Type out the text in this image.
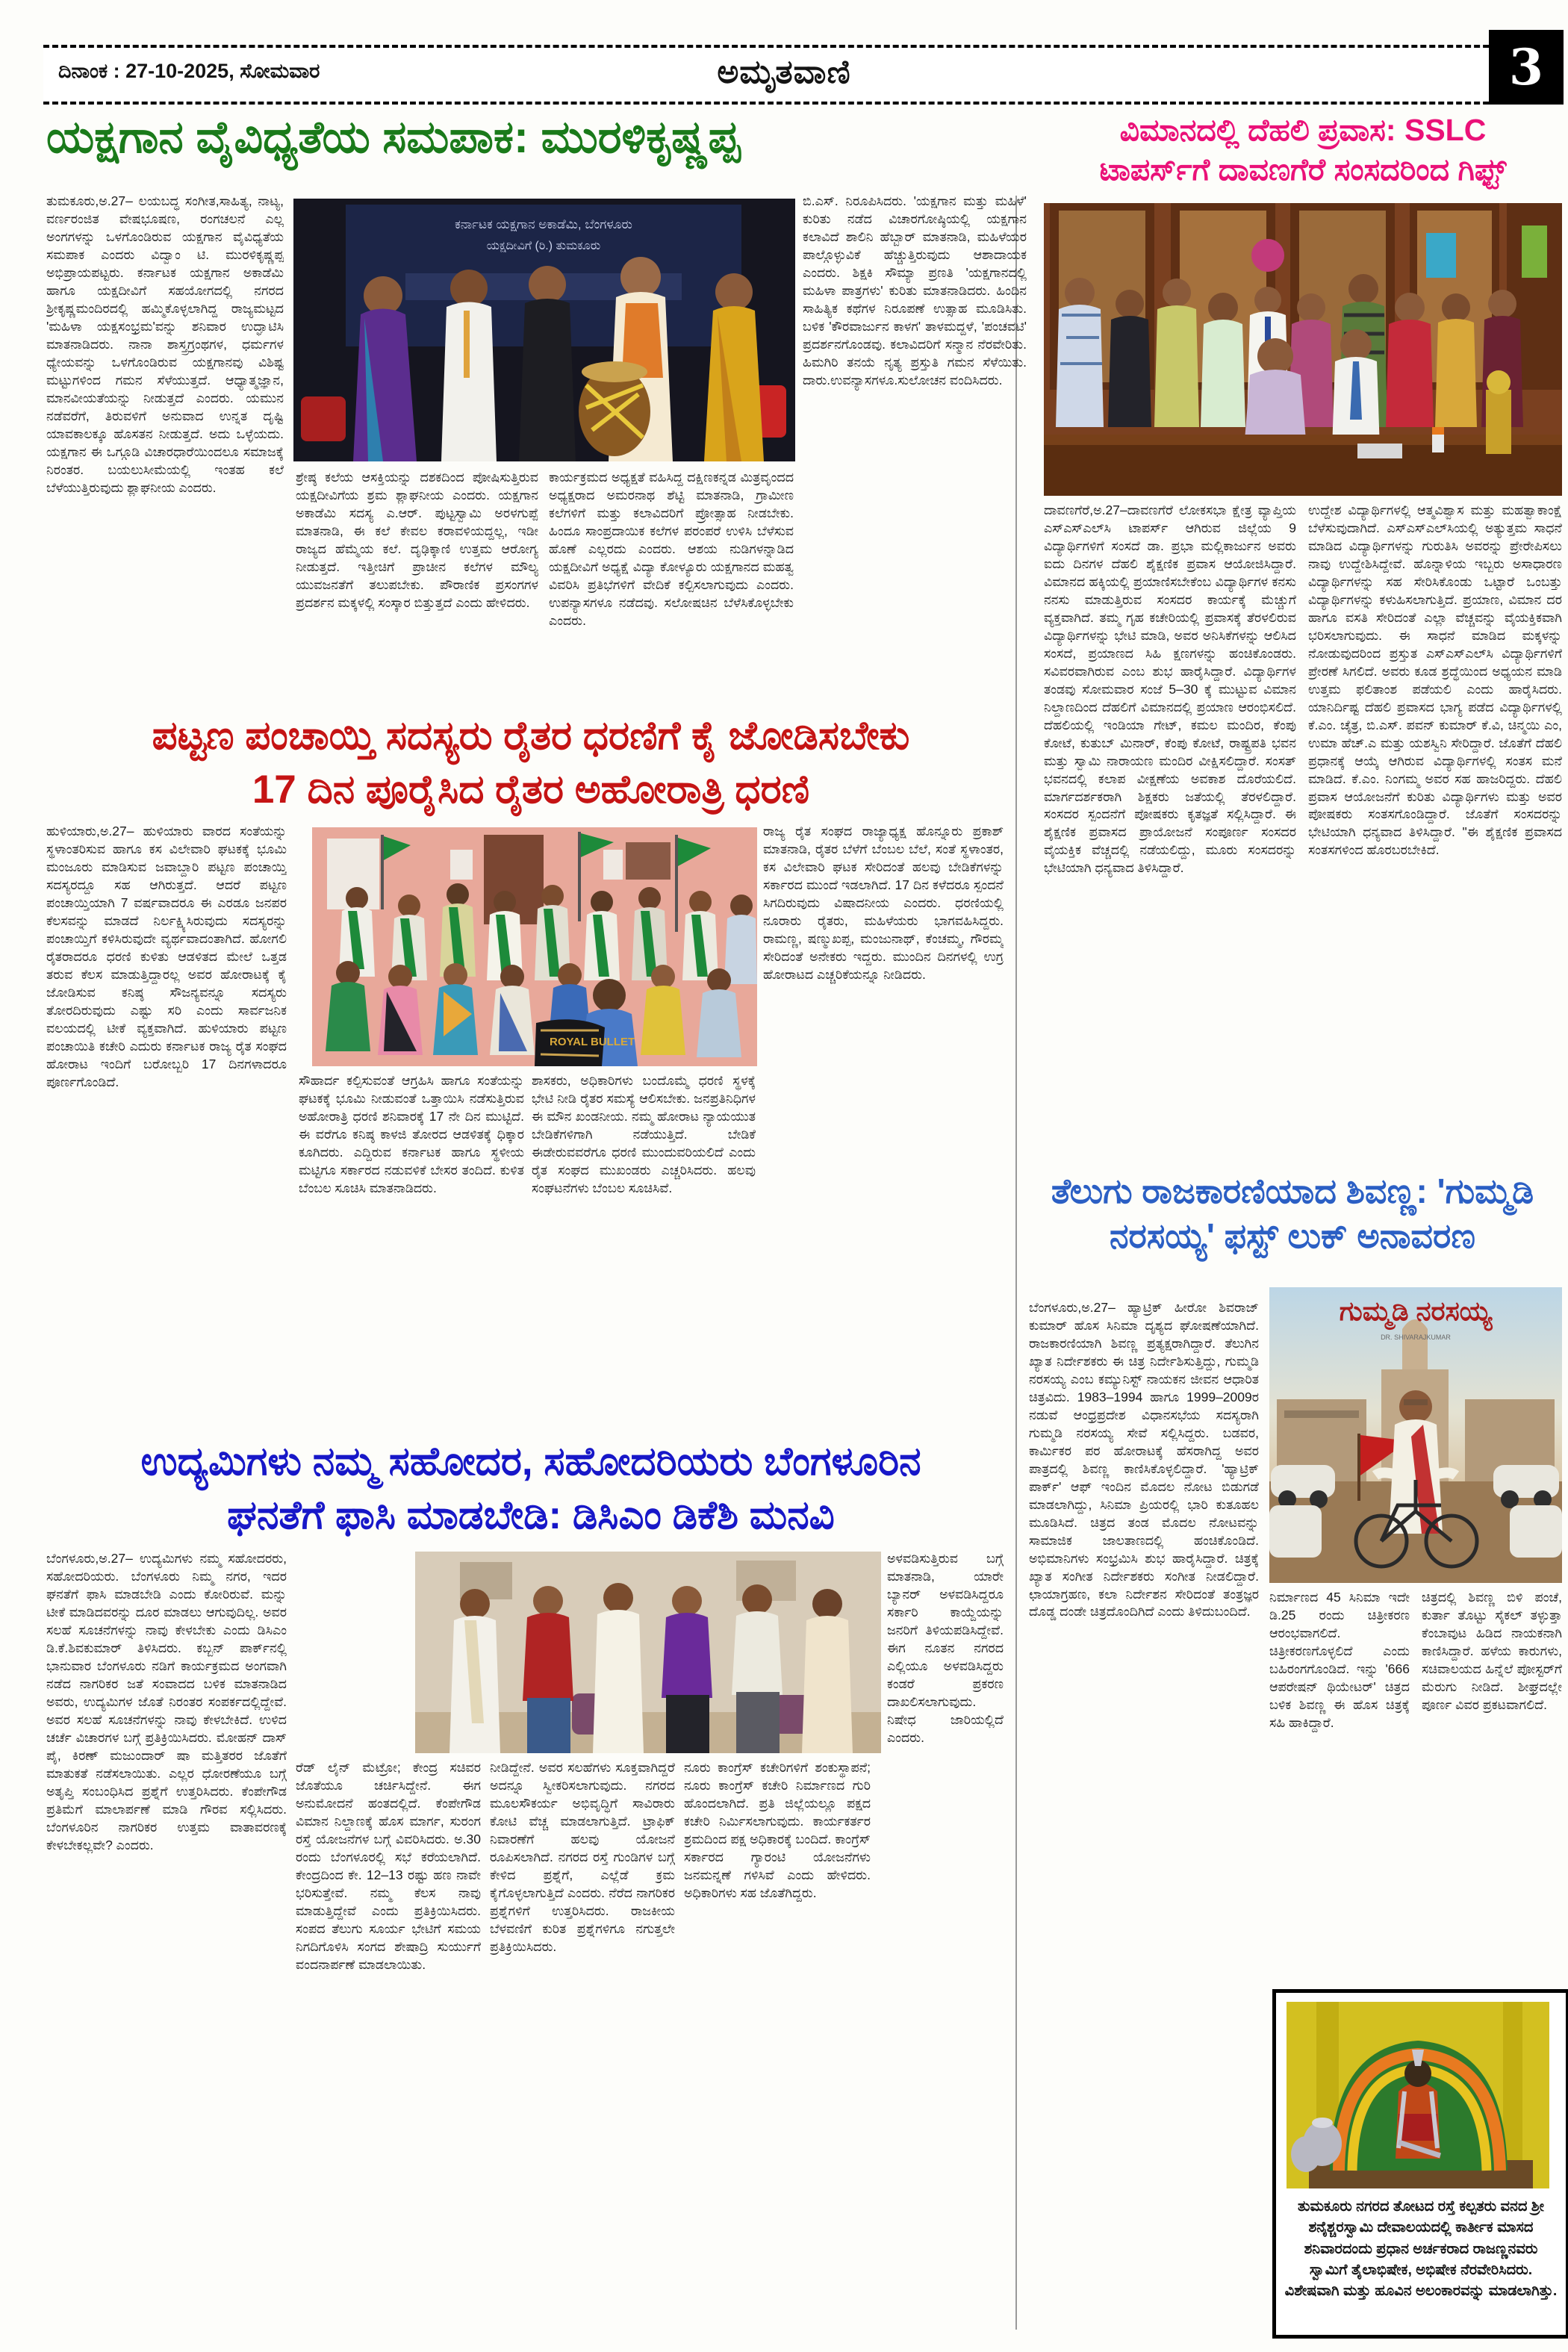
ದಿನಾಂಕ : 27-10-2025, ಸೋಮವಾರ	ಅಮೃತವಾಣಿ	3
ಯಕ್ಷಗಾನ ವೈವಿಧ್ಯತೆಯ ಸಮಪಾಕ: ಮುರಳಿಕೃಷ್ಣಪ್ಪ	ವಿಮಾನದಲ್ಲಿ ದೆಹಲಿ ಪ್ರವಾಸ: SSLC
ಟಾಪರ್ಸ್‌ಗೆ ದಾವಣಗೆರೆ ಸಂಸದರಿಂದ ಗಿಫ್ಟ್
ಪಟ್ಟಣ ಪಂಚಾಯ್ತಿ ಸದಸ್ಯರು ರೈತರ ಧರಣಿಗೆ ಕೈ ಜೋಡಿಸಬೇಕು
17 ದಿನ ಪೂರೈಸಿದ ರೈತರ ಅಹೋರಾತ್ರಿ ಧರಣಿ
ಉದ್ಯಮಿಗಳು ನಮ್ಮ ಸಹೋದರ, ಸಹೋದರಿಯರು ಬೆಂಗಳೂರಿನ
ಘನತೆಗೆ ಫಾಸಿ ಮಾಡಬೇಡಿ: ಡಿಸಿಎಂ ಡಿಕೆಶಿ ಮನವಿ
ತೆಲುಗು ರಾಜಕಾರಣಿಯಾದ ಶಿವಣ್ಣ: 'ಗುಮ್ಮಡಿ
ನರಸಯ್ಯ' ಫಸ್ಟ್ ಲುಕ್ ಅನಾವರಣ
ತುಮಕೂರು,ಅ.27– ಲಯಬದ್ಧ ಸಂಗೀತ,ಸಾಹಿತ್ಯ, ನಾಟ್ಯ, ವರ್ಣರಂಜಿತ ವೇಷಭೂಷಣ, ರಂಗಚಲನೆ ಎಲ್ಲ ಅಂಗಗಳನ್ನು ಒಳಗೊಂಡಿರುವ ಯಕ್ಷಗಾನ ವೈವಿಧ್ಯತೆಯ ಸಮಪಾಕ ಎಂದರು ವಿದ್ವಾಂ ಟಿ. ಮುರಳಿಕೃಷ್ಣಪ್ಪ ಅಭಿಪ್ರಾಯಪಟ್ಟರು. ಕರ್ನಾಟಕ ಯಕ್ಷಗಾನ ಅಕಾಡೆಮಿ ಹಾಗೂ ಯಕ್ಷದೀವಿಗೆ ಸಹಯೋಗದಲ್ಲಿ ನಗರದ ಶ್ರೀಕೃಷ್ಣಮಂದಿರದಲ್ಲಿ ಹಮ್ಮಿಕೊಳ್ಳಲಾಗಿದ್ದ ರಾಜ್ಯಮಟ್ಟದ 'ಮಹಿಳಾ ಯಕ್ಷಸಂಭ್ರಮ'ವನ್ನು ಶನಿವಾರ ಉದ್ಘಾಟಿಸಿ ಮಾತನಾಡಿದರು. ನಾನಾ ಶಾಸ್ತ್ರಗ್ರಂಥಗಳ, ಧರ್ಮಗಳ ಧ್ಯೇಯವನ್ನು ಒಳಗೊಂಡಿರುವ ಯಕ್ಷಗಾನವು ವಿಶಿಷ್ಟ ಮಟ್ಟುಗಳಿಂದ ಗಮನ ಸೆಳೆಯುತ್ತದೆ. ಆಧ್ಯಾತ್ಮಜ್ಞಾನ, ಮಾನವೀಯತೆಯನ್ನು ನೀಡುತ್ತದೆ ಎಂದರು. ಯಮುನ ನಡೆವರೆಗೆ, ತಿರುವಳಿಗೆ ಅನುವಾದ ಉನ್ನತ ದೃಷ್ಟಿ ಯಾವಕಾಲಕ್ಕೂ ಹೊಸತನ ನೀಡುತ್ತದೆ. ಅದು ಒಳ್ಳೆಯದು. ಯಕ್ಷಗಾನ ಈ ಒಗ್ಗೂಡಿ ವಿಚಾರಧಾರೆಯಿಂದಲೂ ಸಮಾಜಕ್ಕೆ ನಿರಂತರ. ಬಯಲುಸೀಮೆಯಲ್ಲಿ ಇಂತಹ ಕಲೆ ಬೆಳೆಯುತ್ತಿರುವುದು ಶ್ಲಾಘನೀಯ ಎಂದರು.
ಕರ್ನಾಟಕ ಯಕ್ಷಗಾನ ಅಕಾಡೆಮಿ, ಬೆಂಗಳೂರು
ಯಕ್ಷದೀವಿಗೆ (ರಿ.) ತುಮಕೂರು
ಶ್ರೇಷ್ಠ ಕಲೆಯ ಆಸಕ್ತಿಯನ್ನು ದಶಕದಿಂದ ಪೋಷಿಸುತ್ತಿರುವ ಯಕ್ಷದೀವಿಗೆಯ ಶ್ರಮ ಶ್ಲಾಘನೀಯ ಎಂದರು. ಯಕ್ಷಗಾನ ಅಕಾಡೆಮಿ ಸದಸ್ಯ ಎ.ಆರ್. ಪುಟ್ಟಸ್ವಾಮಿ ಅರಳಗುಪ್ಪೆ ಮಾತನಾಡಿ, ಈ ಕಲೆ ಕೇವಲ ಕರಾವಳಿಯದ್ದಲ್ಲ, ಇಡೀ ರಾಜ್ಯದ ಹೆಮ್ಮೆಯ ಕಲೆ. ದೃಢಿಕ್ಕಾಣಿ ಉತ್ತಮ ಆರೋಗ್ಯ ನೀಡುತ್ತದೆ. ಇತ್ತೀಚಿಗೆ ಪ್ರಾಚೀನ ಕಲೆಗಳ ಮೌಲ್ಯ ಯುವಜನತೆಗೆ ತಲುಪಬೇಕು. ಪೌರಾಣಿಕ ಪ್ರಸಂಗಗಳ ಪ್ರದರ್ಶನ ಮಕ್ಕಳಲ್ಲಿ ಸಂಸ್ಕಾರ ಬಿತ್ತುತ್ತದೆ ಎಂದು ಹೇಳಿದರು.
ಕಾರ್ಯಕ್ರಮದ ಅಧ್ಯಕ್ಷತೆ ವಹಿಸಿದ್ದ ದಕ್ಷಿಣಕನ್ನಡ ಮಿತ್ರವೃಂದದ ಅಧ್ಯಕ್ಷರಾದ ಅಮರನಾಥ ಶೆಟ್ಟಿ ಮಾತನಾಡಿ, ಗ್ರಾಮೀಣ ಕಲೆಗಳಿಗೆ ಮತ್ತು ಕಲಾವಿದರಿಗೆ ಪ್ರೋತ್ಸಾಹ ನೀಡಬೇಕು. ಹಿಂದೂ ಸಾಂಪ್ರದಾಯಿಕ ಕಲೆಗಳ ಪರಂಪರೆ ಉಳಿಸಿ ಬೆಳೆಸುವ ಹೊಣೆ ಎಲ್ಲರದು ಎಂದರು. ಆಶಯ ನುಡಿಗಳನ್ನಾಡಿದ ಯಕ್ಷದೀವಿಗೆ ಅಧ್ಯಕ್ಷೆ ವಿದ್ಯಾ ಕೋಳ್ಯೂರು ಯಕ್ಷಗಾನದ ಮಹತ್ವ ವಿವರಿಸಿ ಪ್ರತಿಭೆಗಳಿಗೆ ವೇದಿಕೆ ಕಲ್ಪಿಸಲಾಗುವುದು ಎಂದರು. ಉಪನ್ಯಾಸಗಳೂ ನಡೆದವು. ಸಲೋಷಚಿನ ಬೆಳೆಸಿಕೊಳ್ಳಬೇಕು ಎಂದರು.
ಬಿ.ಎಸ್. ನಿರೂಪಿಸಿದರು. 'ಯಕ್ಷಗಾನ ಮತ್ತು ಮಹಿಳೆ' ಕುರಿತು ನಡೆದ ವಿಚಾರಗೋಷ್ಠಿಯಲ್ಲಿ ಯಕ್ಷಗಾನ ಕಲಾವಿದೆ ಶಾಲಿನಿ ಹೆಬ್ಬಾರ್ ಮಾತನಾಡಿ, ಮಹಿಳೆಯರ ಪಾಲ್ಗೊಳ್ಳುವಿಕೆ ಹೆಚ್ಚುತ್ತಿರುವುದು ಆಶಾದಾಯಕ ಎಂದರು. ಶಿಕ್ಷಕಿ ಸೌಮ್ಯಾ ಪ್ರಣತಿ 'ಯಕ್ಷಗಾನದಲ್ಲಿ ಮಹಿಳಾ ಪಾತ್ರಗಳು' ಕುರಿತು ಮಾತನಾಡಿದರು. ಹಿಂದಿನ ಸಾಹಿತ್ಯಿಕ ಕಥೆಗಳ ನಿರೂಪಣೆ ಉತ್ಸಾಹ ಮೂಡಿಸಿತು. ಬಳಿಕ 'ಕೌರವಾರ್ಜುನ ಕಾಳಗ' ತಾಳಮದ್ದಳೆ, 'ಪಂಚವಟಿ' ಪ್ರದರ್ಶನಗೊಂಡವು. ಕಲಾವಿದರಿಗೆ ಸನ್ಮಾನ ನೆರವೇರಿತು. ಹಿಮಗಿರಿ ತನಯೆ ನೃತ್ಯ ಪ್ರಸ್ತುತಿ ಗಮನ ಸೆಳೆಯಿತು. ದಾರು.ಉವನ್ಯಾಸಗಳೂ.ಸುಲೋಚನ ವಂದಿಸಿದರು.
ದಾವಣಗೆರೆ,ಅ.27–ದಾವಣಗೆರೆ ಲೋಕಸಭಾ ಕ್ಷೇತ್ರ ವ್ಯಾಪ್ತಿಯ ಎಸ್‌ಎಸ್‌ಎಲ್‌ಸಿ ಟಾಪರ್ಸ್ ಆಗಿರುವ ಜಿಲ್ಲೆಯ 9 ವಿದ್ಯಾರ್ಥಿಗಳಿಗೆ ಸಂಸದೆ ಡಾ. ಪ್ರಭಾ ಮಲ್ಲಿಕಾರ್ಜುನ ಅವರು ಐದು ದಿನಗಳ ದೆಹಲಿ ಶೈಕ್ಷಣಿಕ ಪ್ರವಾಸ ಆಯೋಜಿಸಿದ್ದಾರೆ. ವಿಮಾನದ ಹಕ್ಕಿಯಲ್ಲಿ ಪ್ರಯಾಣಿಸಬೇಕೆಂಬ ವಿದ್ಯಾರ್ಥಿಗಳ ಕನಸು ನನಸು ಮಾಡುತ್ತಿರುವ ಸಂಸದರ ಕಾರ್ಯಕ್ಕೆ ಮೆಚ್ಚುಗೆ ವ್ಯಕ್ತವಾಗಿದೆ. ತಮ್ಮ ಗೃಹ ಕಚೇರಿಯಲ್ಲಿ ಪ್ರವಾಸಕ್ಕೆ ತೆರಳಲಿರುವ ವಿದ್ಯಾರ್ಥಿಗಳನ್ನು ಭೇಟಿ ಮಾಡಿ, ಅವರ ಅನಿಸಿಕೆಗಳನ್ನು ಆಲಿಸಿದ ಸಂಸದೆ, ಪ್ರಯಾಣದ ಸಿಹಿ ಕ್ಷಣಗಳನ್ನು ಹಂಚಿಕೊಂಡರು. ಸವಿವರವಾಗಿರುವ ಎಂಬ ಶುಭ ಹಾರೈಸಿದ್ದಾರೆ. ವಿದ್ಯಾರ್ಥಿಗಳ ತಂಡವು ಸೋಮವಾರ ಸಂಜೆ 5–30 ಕ್ಕೆ ಮುಟ್ಟುವ ವಿಮಾನ ನಿಲ್ದಾಣದಿಂದ ದೆಹಲಿಗೆ ವಿಮಾನದಲ್ಲಿ ಪ್ರಯಾಣ ಆರಂಭಿಸಲಿದೆ. ದೆಹಲಿಯಲ್ಲಿ ಇಂಡಿಯಾ ಗೇಟ್, ಕಮಲ ಮಂದಿರ, ಕೆಂಪು ಕೋಟೆ, ಕುತುಬ್ ಮಿನಾರ್, ಕೆಂಪು ಕೋಟೆ, ರಾಷ್ಟ್ರಪತಿ ಭವನ ಮತ್ತು ಸ್ವಾಮಿ ನಾರಾಯಣ ಮಂದಿರ ವೀಕ್ಷಿಸಲಿದ್ದಾರೆ. ಸಂಸತ್ ಭವನದಲ್ಲಿ ಕಲಾಪ ವೀಕ್ಷಣೆಯ ಅವಕಾಶ ದೊರೆಯಲಿದೆ. ಮಾರ್ಗದರ್ಶಕರಾಗಿ ಶಿಕ್ಷಕರು ಜತೆಯಲ್ಲಿ ತೆರಳಲಿದ್ದಾರೆ. ಸಂಸದರ ಸ್ಪಂದನೆಗೆ ಪೋಷಕರು ಕೃತಜ್ಞತೆ ಸಲ್ಲಿಸಿದ್ದಾರೆ. ಈ ಶೈಕ್ಷಣಿಕ ಪ್ರವಾಸದ ಪ್ರಾಯೋಜನೆ ಸಂಪೂರ್ಣ ಸಂಸದರ ವೈಯಕ್ತಿಕ ವೆಚ್ಚದಲ್ಲಿ ನಡೆಯಲಿದ್ದು, ಮೂರು ಸಂಸದರನ್ನು ಭೇಟಿಯಾಗಿ ಧನ್ಯವಾದ ತಿಳಿಸಿದ್ದಾರೆ.
ಉದ್ದೇಶ ವಿದ್ಯಾರ್ಥಿಗಳಲ್ಲಿ ಆತ್ಮವಿಶ್ವಾಸ ಮತ್ತು ಮಹತ್ವಾಕಾಂಕ್ಷೆ ಬೆಳೆಸುವುದಾಗಿದೆ. ಎಸ್‌ಎಸ್‌ಎಲ್‌ಸಿಯಲ್ಲಿ ಅತ್ಯುತ್ತಮ ಸಾಧನೆ ಮಾಡಿದ ವಿದ್ಯಾರ್ಥಿಗಳನ್ನು ಗುರುತಿಸಿ ಅವರನ್ನು ಪ್ರೇರೇಪಿಸಲು ನಾವು ಉದ್ದೇಶಿಸಿದ್ದೇವೆ. ಹೊನ್ನಾಳಿಯ ಇಬ್ಬರು ಅಸಾಧಾರಣ ವಿದ್ಯಾರ್ಥಿಗಳನ್ನು ಸಹ ಸೇರಿಸಿಕೊಂಡು ಒಟ್ಟಾರೆ ಒಂಬತ್ತು ವಿದ್ಯಾರ್ಥಿಗಳನ್ನು ಕಳುಹಿಸಲಾಗುತ್ತಿದೆ. ಪ್ರಯಾಣ, ವಿಮಾನ ದರ ಹಾಗೂ ವಸತಿ ಸೇರಿದಂತೆ ಎಲ್ಲಾ ವೆಚ್ಚವನ್ನು ವೈಯಕ್ತಿಕವಾಗಿ ಭರಿಸಲಾಗುವುದು. ಈ ಸಾಧನೆ ಮಾಡಿದ ಮಕ್ಕಳನ್ನು ನೋಡುವುದರಿಂದ ಪ್ರಸ್ತುತ ಎಸ್‌ಎಸ್‌ಎಲ್‌ಸಿ ವಿದ್ಯಾರ್ಥಿಗಳಿಗೆ ಪ್ರೇರಣೆ ಸಿಗಲಿದೆ. ಅವರು ಕೂಡ ಶ್ರದ್ಧೆಯಿಂದ ಅಧ್ಯಯನ ಮಾಡಿ ಉತ್ತಮ ಫಲಿತಾಂಶ ಪಡೆಯಲಿ ಎಂದು ಹಾರೈಸಿದರು. ಯಾನಿರ್ದಿಷ್ಟ ದೆಹಲಿ ಪ್ರವಾಸದ ಭಾಗ್ಯ ಪಡೆದ ವಿದ್ಯಾರ್ಥಿಗಳಲ್ಲಿ ಕೆ.ಎಂ. ಚೈತ್ರ, ಬಿ.ಎಸ್. ಪವನ್ ಕುಮಾರ್ ಕೆ.ವಿ, ಚಿನ್ಮಯಿ ಎಂ, ಉಮಾ ಹೆಚ್.ಎ ಮತ್ತು ಯಶಸ್ವಿನಿ ಸೇರಿದ್ದಾರೆ. ಜೊತೆಗೆ ದೆಹಲಿ ಪ್ರಧಾನಕ್ಕೆ ಆಯ್ಕೆ ಆಗಿರುವ ವಿದ್ಯಾರ್ಥಿಗಳಲ್ಲಿ ಸಂತಸ ಮನೆ ಮಾಡಿದೆ. ಕೆ.ಎಂ. ನಿಂಗಮ್ಮ ಅವರ ಸಹ ಹಾಜರಿದ್ದರು. ದೆಹಲಿ ಪ್ರವಾಸ ಆಯೋಜನೆಗೆ ಕುರಿತು ವಿದ್ಯಾರ್ಥಿಗಳು ಮತ್ತು ಅವರ ಪೋಷಕರು ಸಂತಸಗೊಂಡಿದ್ದಾರೆ. ಜೊತೆಗೆ ಸಂಸದರನ್ನು ಭೇಟಿಯಾಗಿ ಧನ್ಯವಾದ ತಿಳಿಸಿದ್ದಾರೆ. "ಈ ಶೈಕ್ಷಣಿಕ ಪ್ರವಾಸದ ಸಂತಸಗಳಿಂದ ಹೊರಬರಬೇಕಿದೆ.
ಹುಳಿಯಾರು,ಅ.27– ಹುಳಿಯಾರು ವಾರದ ಸಂತೆಯನ್ನು ಸ್ಥಳಾಂತರಿಸುವ ಹಾಗೂ ಕಸ ವಿಲೇವಾರಿ ಘಟಕಕ್ಕೆ ಭೂಮಿ ಮಂಜೂರು ಮಾಡಿಸುವ ಜವಾಬ್ದಾರಿ ಪಟ್ಟಣ ಪಂಚಾಯ್ತಿ ಸದಸ್ಯರದ್ದೂ ಸಹ ಆಗಿರುತ್ತದೆ. ಆದರೆ ಪಟ್ಟಣ ಪಂಚಾಯ್ತಿಯಾಗಿ 7 ವರ್ಷವಾದರೂ ಈ ಎರಡೂ ಜನಪರ ಕೆಲಸವನ್ನು ಮಾಡದೆ ನಿರ್ಲಕ್ಷ್ಯಿಸಿರುವುದು ಸದಸ್ಯರನ್ನು ಪಂಚಾಯ್ತಿಗೆ ಕಳಿಸಿರುವುದೇ ವ್ಯರ್ಥವಾದಂತಾಗಿದೆ. ಹೋಗಲಿ ರೈತರಾದರೂ ಧರಣಿ ಕುಳಿತು ಆಡಳಿತದ ಮೇಲೆ ಒತ್ತಡ ತರುವ ಕೆಲಸ ಮಾಡುತ್ತಿದ್ದಾರಲ್ಲ ಅವರ ಹೋರಾಟಕ್ಕೆ ಕೈ ಜೋಡಿಸುವ ಕನಿಷ್ಠ ಸೌಜನ್ಯವನ್ನೂ ಸದಸ್ಯರು ತೋರದಿರುವುದು ಎಷ್ಟು ಸರಿ ಎಂದು ಸಾರ್ವಜನಿಕ ವಲಯದಲ್ಲಿ ಟೀಕೆ ವ್ಯಕ್ತವಾಗಿದೆ. ಹುಳಿಯಾರು ಪಟ್ಟಣ ಪಂಚಾಯಿತಿ ಕಚೇರಿ ಎದುರು ಕರ್ನಾಟಕ ರಾಜ್ಯ ರೈತ ಸಂಘದ ಹೋರಾಟ ಇಂದಿಗೆ ಬರೋಬ್ಬರಿ 17 ದಿನಗಳಾದರೂ ಪೂರ್ಣಗೊಂಡಿದೆ.
ROYAL BULLET
ಸೌಹಾರ್ದ ಕಲ್ಪಿಸುವಂತೆ ಆಗ್ರಹಿಸಿ ಹಾಗೂ ಸಂತೆಯನ್ನು ಘಟಕಕ್ಕೆ ಭೂಮಿ ನೀಡುವಂತೆ ಒತ್ತಾಯಿಸಿ ನಡೆಸುತ್ತಿರುವ ಅಹೋರಾತ್ರಿ ಧರಣಿ ಶನಿವಾರಕ್ಕೆ 17 ನೇ ದಿನ ಮುಟ್ಟಿದೆ. ಈ ವರೆಗೂ ಕನಿಷ್ಠ ಕಾಳಜಿ ತೋರದ ಆಡಳಿತಕ್ಕೆ ಧಿಕ್ಕಾರ ಕೂಗಿದರು. ಎದ್ದಿರುವ ಕರ್ನಾಟಕ ಹಾಗೂ ಸ್ಥಳೀಯ ಮಟ್ಟಿಗೂ ಸರ್ಕಾರದ ನಡುವಳಿಕೆ ಬೇಸರ ತಂದಿದೆ. ಕುಳಿತ ಬೆಂಬಲ ಸೂಚಿಸಿ ಮಾತನಾಡಿದರು.
ಶಾಸಕರು, ಅಧಿಕಾರಿಗಳು ಬಂದೊಮ್ಮೆ ಧರಣಿ ಸ್ಥಳಕ್ಕೆ ಭೇಟಿ ನೀಡಿ ರೈತರ ಸಮಸ್ಯೆ ಆಲಿಸಬೇಕು. ಜನಪ್ರತಿನಿಧಿಗಳ ಈ ಮೌನ ಖಂಡನೀಯ. ನಮ್ಮ ಹೋರಾಟ ನ್ಯಾಯಯುತ ಬೇಡಿಕೆಗಳಿಗಾಗಿ ನಡೆಯುತ್ತಿದೆ. ಬೇಡಿಕೆ ಈಡೇರುವವರೆಗೂ ಧರಣಿ ಮುಂದುವರಿಯಲಿದೆ ಎಂದು ರೈತ ಸಂಘದ ಮುಖಂಡರು ಎಚ್ಚರಿಸಿದರು. ಹಲವು ಸಂಘಟನೆಗಳು ಬೆಂಬಲ ಸೂಚಿಸಿವೆ.
ರಾಜ್ಯ ರೈತ ಸಂಘದ ರಾಜ್ಯಾಧ್ಯಕ್ಷ ಹೊನ್ನೂರು ಪ್ರಕಾಶ್ ಮಾತನಾಡಿ, ರೈತರ ಬೆಳೆಗೆ ಬೆಂಬಲ ಬೆಲೆ, ಸಂತೆ ಸ್ಥಳಾಂತರ, ಕಸ ವಿಲೇವಾರಿ ಘಟಕ ಸೇರಿದಂತೆ ಹಲವು ಬೇಡಿಕೆಗಳನ್ನು ಸರ್ಕಾರದ ಮುಂದೆ ಇಡಲಾಗಿದೆ. 17 ದಿನ ಕಳೆದರೂ ಸ್ಪಂದನೆ ಸಿಗದಿರುವುದು ವಿಷಾದನೀಯ ಎಂದರು. ಧರಣಿಯಲ್ಲಿ ನೂರಾರು ರೈತರು, ಮಹಿಳೆಯರು ಭಾಗವಹಿಸಿದ್ದರು. ರಾಮಣ್ಣ, ಷಣ್ಮುಖಪ್ಪ, ಮಂಜುನಾಥ್, ಕೆಂಚಮ್ಮ, ಗೌರಮ್ಮ ಸೇರಿದಂತೆ ಅನೇಕರು ಇದ್ದರು. ಮುಂದಿನ ದಿನಗಳಲ್ಲಿ ಉಗ್ರ ಹೋರಾಟದ ಎಚ್ಚರಿಕೆಯನ್ನೂ ನೀಡಿದರು.
ಬೆಂಗಳೂರು,ಅ.27– ಉದ್ಯಮಿಗಳು ನಮ್ಮ ಸಹೋದರರು, ಸಹೋದರಿಯರು. ಬೆಂಗಳೂರು ನಿಮ್ಮ ನಗರ, ಇದರ ಘನತೆಗೆ ಫಾಸಿ ಮಾಡಬೇಡಿ ಎಂದು ಕೋರಿರುವೆ. ಮನ್ನು ಟೀಕೆ ಮಾಡಿದವರನ್ನು ದೂರ ಮಾಡಲು ಆಗುವುದಿಲ್ಲ. ಅವರ ಸಲಹೆ ಸೂಚನೆಗಳನ್ನು ನಾವು ಕೇಳಬೇಕು ಎಂದು ಡಿಸಿಎಂ ಡಿ.ಕೆ.ಶಿವಕುಮಾರ್ ತಿಳಿಸಿದರು. ಕಬ್ಬನ್ ಪಾರ್ಕ್‌ನಲ್ಲಿ ಭಾನುವಾರ ಬೆಂಗಳೂರು ನಡಿಗೆ ಕಾರ್ಯಕ್ರಮದ ಅಂಗವಾಗಿ ನಡೆದ ನಾಗರಿಕರ ಜತೆ ಸಂವಾದದ ಬಳಿಕ ಮಾತನಾಡಿದ ಅವರು, ಉದ್ಯಮಿಗಳ ಜೊತೆ ನಿರಂತರ ಸಂಪರ್ಕದಲ್ಲಿದ್ದೇವೆ. ಅವರ ಸಲಹೆ ಸೂಚನೆಗಳನ್ನು ನಾವು ಕೇಳಬೇಕಿದೆ. ಉಳಿದ ಚರ್ಚೆ ವಿಚಾರಗಳ ಬಗ್ಗೆ ಪ್ರತಿಕ್ರಿಯಿಸಿದರು. ಮೋಹನ್ ದಾಸ್ ಪೈ, ಕಿರಣ್ ಮಜುಂದಾರ್ ಷಾ ಮತ್ತಿತರರ ಜೊತೆಗೆ ಮಾತುಕತೆ ನಡೆಸಲಾಯಿತು. ಎಲ್ಲರ ಧೋರಣೆಯೂ ಬಗ್ಗೆ ಅತೃಪ್ತಿ ಸಂಬಂಧಿಸಿದ ಪ್ರಶ್ನೆಗೆ ಉತ್ತರಿಸಿದರು. ಕೆಂಪೇಗೌಡ ಪ್ರತಿಮೆಗೆ ಮಾಲಾರ್ಪಣೆ ಮಾಡಿ ಗೌರವ ಸಲ್ಲಿಸಿದರು. ಬೆಂಗಳೂರಿನ ನಾಗರಿಕರ ಉತ್ತಮ ವಾತಾವರಣಕ್ಕೆ ಕೇಳಬೇಕಲ್ಲವೇ? ಎಂದರು.
ರೆಡ್ ಲೈನ್ ಮೆಟ್ರೋ; ಕೇಂದ್ರ ಸಚಿವರ ಜೊತೆಯೂ ಚರ್ಚಿಸಿದ್ದೇನೆ. ಈಗ ಅನುಮೋದನೆ ಹಂತದಲ್ಲಿದೆ. ಕೆಂಪೇಗೌಡ ವಿಮಾನ ನಿಲ್ದಾಣಕ್ಕೆ ಹೊಸ ಮಾರ್ಗ, ಸುರಂಗ ರಸ್ತೆ ಯೋಜನೆಗಳ ಬಗ್ಗೆ ವಿವರಿಸಿದರು. ಅ.30 ರಂದು ಬೆಂಗಳೂರಲ್ಲಿ ಸಭೆ ಕರೆಯಲಾಗಿದೆ. ಕೇಂದ್ರದಿಂದ ಕೇ. 12–13 ರಷ್ಟು ಹಣ ನಾವೇ ಭರಿಸುತ್ತೇವೆ. ನಮ್ಮ ಕೆಲಸ ನಾವು ಮಾಡುತ್ತಿದ್ದೇವೆ ಎಂದು ಪ್ರತಿಕ್ರಿಯಿಸಿದರು. ಸಂಪದ ತೆಲುಗು ಸೂರ್ಯ ಭೇಟಿಗೆ ಸಮಯ ನಿಗದಿಗೊಳಿಸಿ ಸಂಗದ ಶೇಷಾದ್ರಿ ಸುರ್ಯುಗೆ ವಂದನಾರ್ಪಣೆ ಮಾಡಲಾಯಿತು.
ನೀಡಿದ್ದೇನೆ. ಅವರ ಸಲಹೆಗಳು ಸೂಕ್ತವಾಗಿದ್ದರೆ ಅದನ್ನೂ ಸ್ವೀಕರಿಸಲಾಗುವುದು. ನಗರದ ಮೂಲಸೌಕರ್ಯ ಅಭಿವೃದ್ಧಿಗೆ ಸಾವಿರಾರು ಕೋಟಿ ವೆಚ್ಚ ಮಾಡಲಾಗುತ್ತಿದೆ. ಟ್ರಾಫಿಕ್ ನಿವಾರಣೆಗೆ ಹಲವು ಯೋಜನೆ ರೂಪಿಸಲಾಗಿದೆ. ನಗರದ ರಸ್ತೆ ಗುಂಡಿಗಳ ಬಗ್ಗೆ ಕೇಳಿದ ಪ್ರಶ್ನೆಗೆ, ಎಲ್ಲೆಡೆ ಕ್ರಮ ಕೈಗೊಳ್ಳಲಾಗುತ್ತಿದೆ ಎಂದರು. ನೆರೆದ ನಾಗರಿಕರ ಪ್ರಶ್ನೆಗಳಿಗೆ ಉತ್ತರಿಸಿದರು. ರಾಜಕೀಯ ಬೆಳವಣಿಗೆ ಕುರಿತ ಪ್ರಶ್ನೆಗಳಿಗೂ ನಗುತ್ತಲೇ ಪ್ರತಿಕ್ರಿಯಿಸಿದರು.
ನೂರು ಕಾಂಗ್ರೆಸ್ ಕಚೇರಿಗಳಿಗೆ ಶಂಕುಸ್ಥಾಪನೆ; ನೂರು ಕಾಂಗ್ರೆಸ್ ಕಚೇರಿ ನಿರ್ಮಾಣದ ಗುರಿ ಹೊಂದಲಾಗಿದೆ. ಪ್ರತಿ ಜಿಲ್ಲೆಯಲ್ಲೂ ಪಕ್ಷದ ಕಚೇರಿ ನಿರ್ಮಿಸಲಾಗುವುದು. ಕಾರ್ಯಕರ್ತರ ಶ್ರಮದಿಂದ ಪಕ್ಷ ಅಧಿಕಾರಕ್ಕೆ ಬಂದಿದೆ. ಕಾಂಗ್ರೆಸ್ ಸರ್ಕಾರದ ಗ್ಯಾರಂಟಿ ಯೋಜನೆಗಳು ಜನಮನ್ನಣೆ ಗಳಿಸಿವೆ ಎಂದು ಹೇಳಿದರು. ಅಧಿಕಾರಿಗಳು ಸಹ ಜೊತೆಗಿದ್ದರು.
ಅಳವಡಿಸುತ್ತಿರುವ ಬಗ್ಗೆ ಮಾತನಾಡಿ, ಯಾರೇ ಬ್ಯಾನರ್ ಅಳವಡಿಸಿದ್ದರೂ ಸರ್ಕಾರಿ ಕಾಯ್ದೆಯನ್ನು ಜನರಿಗೆ ತಿಳಿಯಪಡಿಸಿದ್ದೇವೆ. ಈಗ ನೂತನ ನಗರದ ಎಲ್ಲಿಯೂ ಅಳವಡಿಸಿದ್ದರು ಕಂಡರೆ ಪ್ರಕರಣ ದಾಖಲಿಸಲಾಗುವುದು. ನಿಷೇಧ ಜಾರಿಯಲ್ಲಿದೆ ಎಂದರು.
ಬೆಂಗಳೂರು,ಅ.27– ಹ್ಯಾಟ್ರಿಕ್ ಹೀರೋ ಶಿವರಾಜ್ ಕುಮಾರ್ ಹೊಸ ಸಿನಿಮಾ ದೃಶ್ಯದ ಘೋಷಣೆಯಾಗಿದೆ. ರಾಜಕಾರಣಿಯಾಗಿ ಶಿವಣ್ಣ ಪ್ರತ್ಯಕ್ಷರಾಗಿದ್ದಾರೆ. ತೆಲುಗಿನ ಖ್ಯಾತ ನಿರ್ದೇಶಕರು ಈ ಚಿತ್ರ ನಿರ್ದೇಶಿಸುತ್ತಿದ್ದು, ಗುಮ್ಮಡಿ ನರಸಯ್ಯ ಎಂಬ ಕಮ್ಯುನಿಸ್ಟ್ ನಾಯಕನ ಜೀವನ ಆಧಾರಿತ ಚಿತ್ರವಿದು. 1983–1994 ಹಾಗೂ 1999–2009ರ ನಡುವೆ ಆಂಧ್ರಪ್ರದೇಶ ವಿಧಾನಸಭೆಯ ಸದಸ್ಯರಾಗಿ ಗುಮ್ಮಡಿ ನರಸಯ್ಯ ಸೇವೆ ಸಲ್ಲಿಸಿದ್ದರು. ಬಡವರ, ಕಾರ್ಮಿಕರ ಪರ ಹೋರಾಟಕ್ಕೆ ಹೆಸರಾಗಿದ್ದ ಅವರ ಪಾತ್ರದಲ್ಲಿ ಶಿವಣ್ಣ ಕಾಣಿಸಿಕೊಳ್ಳಲಿದ್ದಾರೆ. 'ಹ್ಯಾಟ್ರಿಕ್ ಪಾರ್ಕ್' ಆಫ್ ಇಂದಿನ ಮೊದಲ ನೋಟ ಬಿಡುಗಡೆ ಮಾಡಲಾಗಿದ್ದು, ಸಿನಿಮಾ ಪ್ರಿಯರಲ್ಲಿ ಭಾರಿ ಕುತೂಹಲ ಮೂಡಿಸಿದೆ. ಚಿತ್ರದ ತಂಡ ಮೊದಲ ನೋಟವನ್ನು ಸಾಮಾಜಿಕ ಜಾಲತಾಣದಲ್ಲಿ ಹಂಚಿಕೊಂಡಿದೆ. ಅಭಿಮಾನಿಗಳು ಸಂಭ್ರಮಿಸಿ ಶುಭ ಹಾರೈಸಿದ್ದಾರೆ. ಚಿತ್ರಕ್ಕೆ ಖ್ಯಾತ ಸಂಗೀತ ನಿರ್ದೇಶಕರು ಸಂಗೀತ ನೀಡಲಿದ್ದಾರೆ. ಛಾಯಾಗ್ರಹಣ, ಕಲಾ ನಿರ್ದೇಶನ ಸೇರಿದಂತೆ ತಂತ್ರಜ್ಞರ ದೊಡ್ಡ ದಂಡೇ ಚಿತ್ರದೊಂದಿಗಿದೆ ಎಂದು ತಿಳಿದುಬಂದಿದೆ.
ಗುಮ್ಮಡಿ ನರಸಯ್ಯ
DR. SHIVARAJKUMAR
ನಿರ್ಮಾಣದ 45 ಸಿನಿಮಾ ಇದೇ ಡಿ.25 ರಂದು ಚಿತ್ರೀಕರಣ ಆರಂಭವಾಗಲಿದೆ. ಚಿತ್ರೀಕರಣಗೊಳ್ಳಲಿದೆ ಎಂದು ಬಹಿರಂಗಗೊಂಡಿದೆ. ಇನ್ನು '666 ಆಪರೇಷನ್ ಥಿಯೇಟರ್' ಚಿತ್ರದ ಬಳಿಕ ಶಿವಣ್ಣ ಈ ಹೊಸ ಚಿತ್ರಕ್ಕೆ ಸಹಿ ಹಾಕಿದ್ದಾರೆ.
ಚಿತ್ರದಲ್ಲಿ ಶಿವಣ್ಣ ಬಿಳಿ ಪಂಚೆ, ಕುರ್ತಾ ತೊಟ್ಟು ಸೈಕಲ್ ತಳ್ಳುತ್ತಾ ಕೆಂಬಾವುಟ ಹಿಡಿದ ನಾಯಕನಾಗಿ ಕಾಣಿಸಿದ್ದಾರೆ. ಹಳೆಯ ಕಾರುಗಳು, ಸಚಿವಾಲಯದ ಹಿನ್ನೆಲೆ ಪೋಸ್ಟರ್‌ಗೆ ಮೆರುಗು ನೀಡಿದೆ. ಶೀಘ್ರದಲ್ಲೇ ಪೂರ್ಣ ವಿವರ ಪ್ರಕಟವಾಗಲಿದೆ.
ತುಮಕೂರು ನಗರದ ತೋಟದ ರಸ್ತೆ ಕಲ್ಪತರು ವನದ ಶ್ರೀ ಶನೈಶ್ಚರಸ್ವಾಮಿ ದೇವಾಲಯದಲ್ಲಿ ಕಾರ್ತೀಕ ಮಾಸದ ಶನಿವಾರದಂದು ಪ್ರಧಾನ ಅರ್ಚಕರಾದ ರಾಜಣ್ಣನವರು ಸ್ವಾಮಿಗೆ ತೈಲಾಭಿಷೇಕ, ಅಭಿಷೇಕ ನೆರವೇರಿಸಿದರು. ವಿಶೇಷವಾಗಿ ಮತ್ತು ಹೂವಿನ ಅಲಂಕಾರವನ್ನು ಮಾಡಲಾಗಿತ್ತು.
